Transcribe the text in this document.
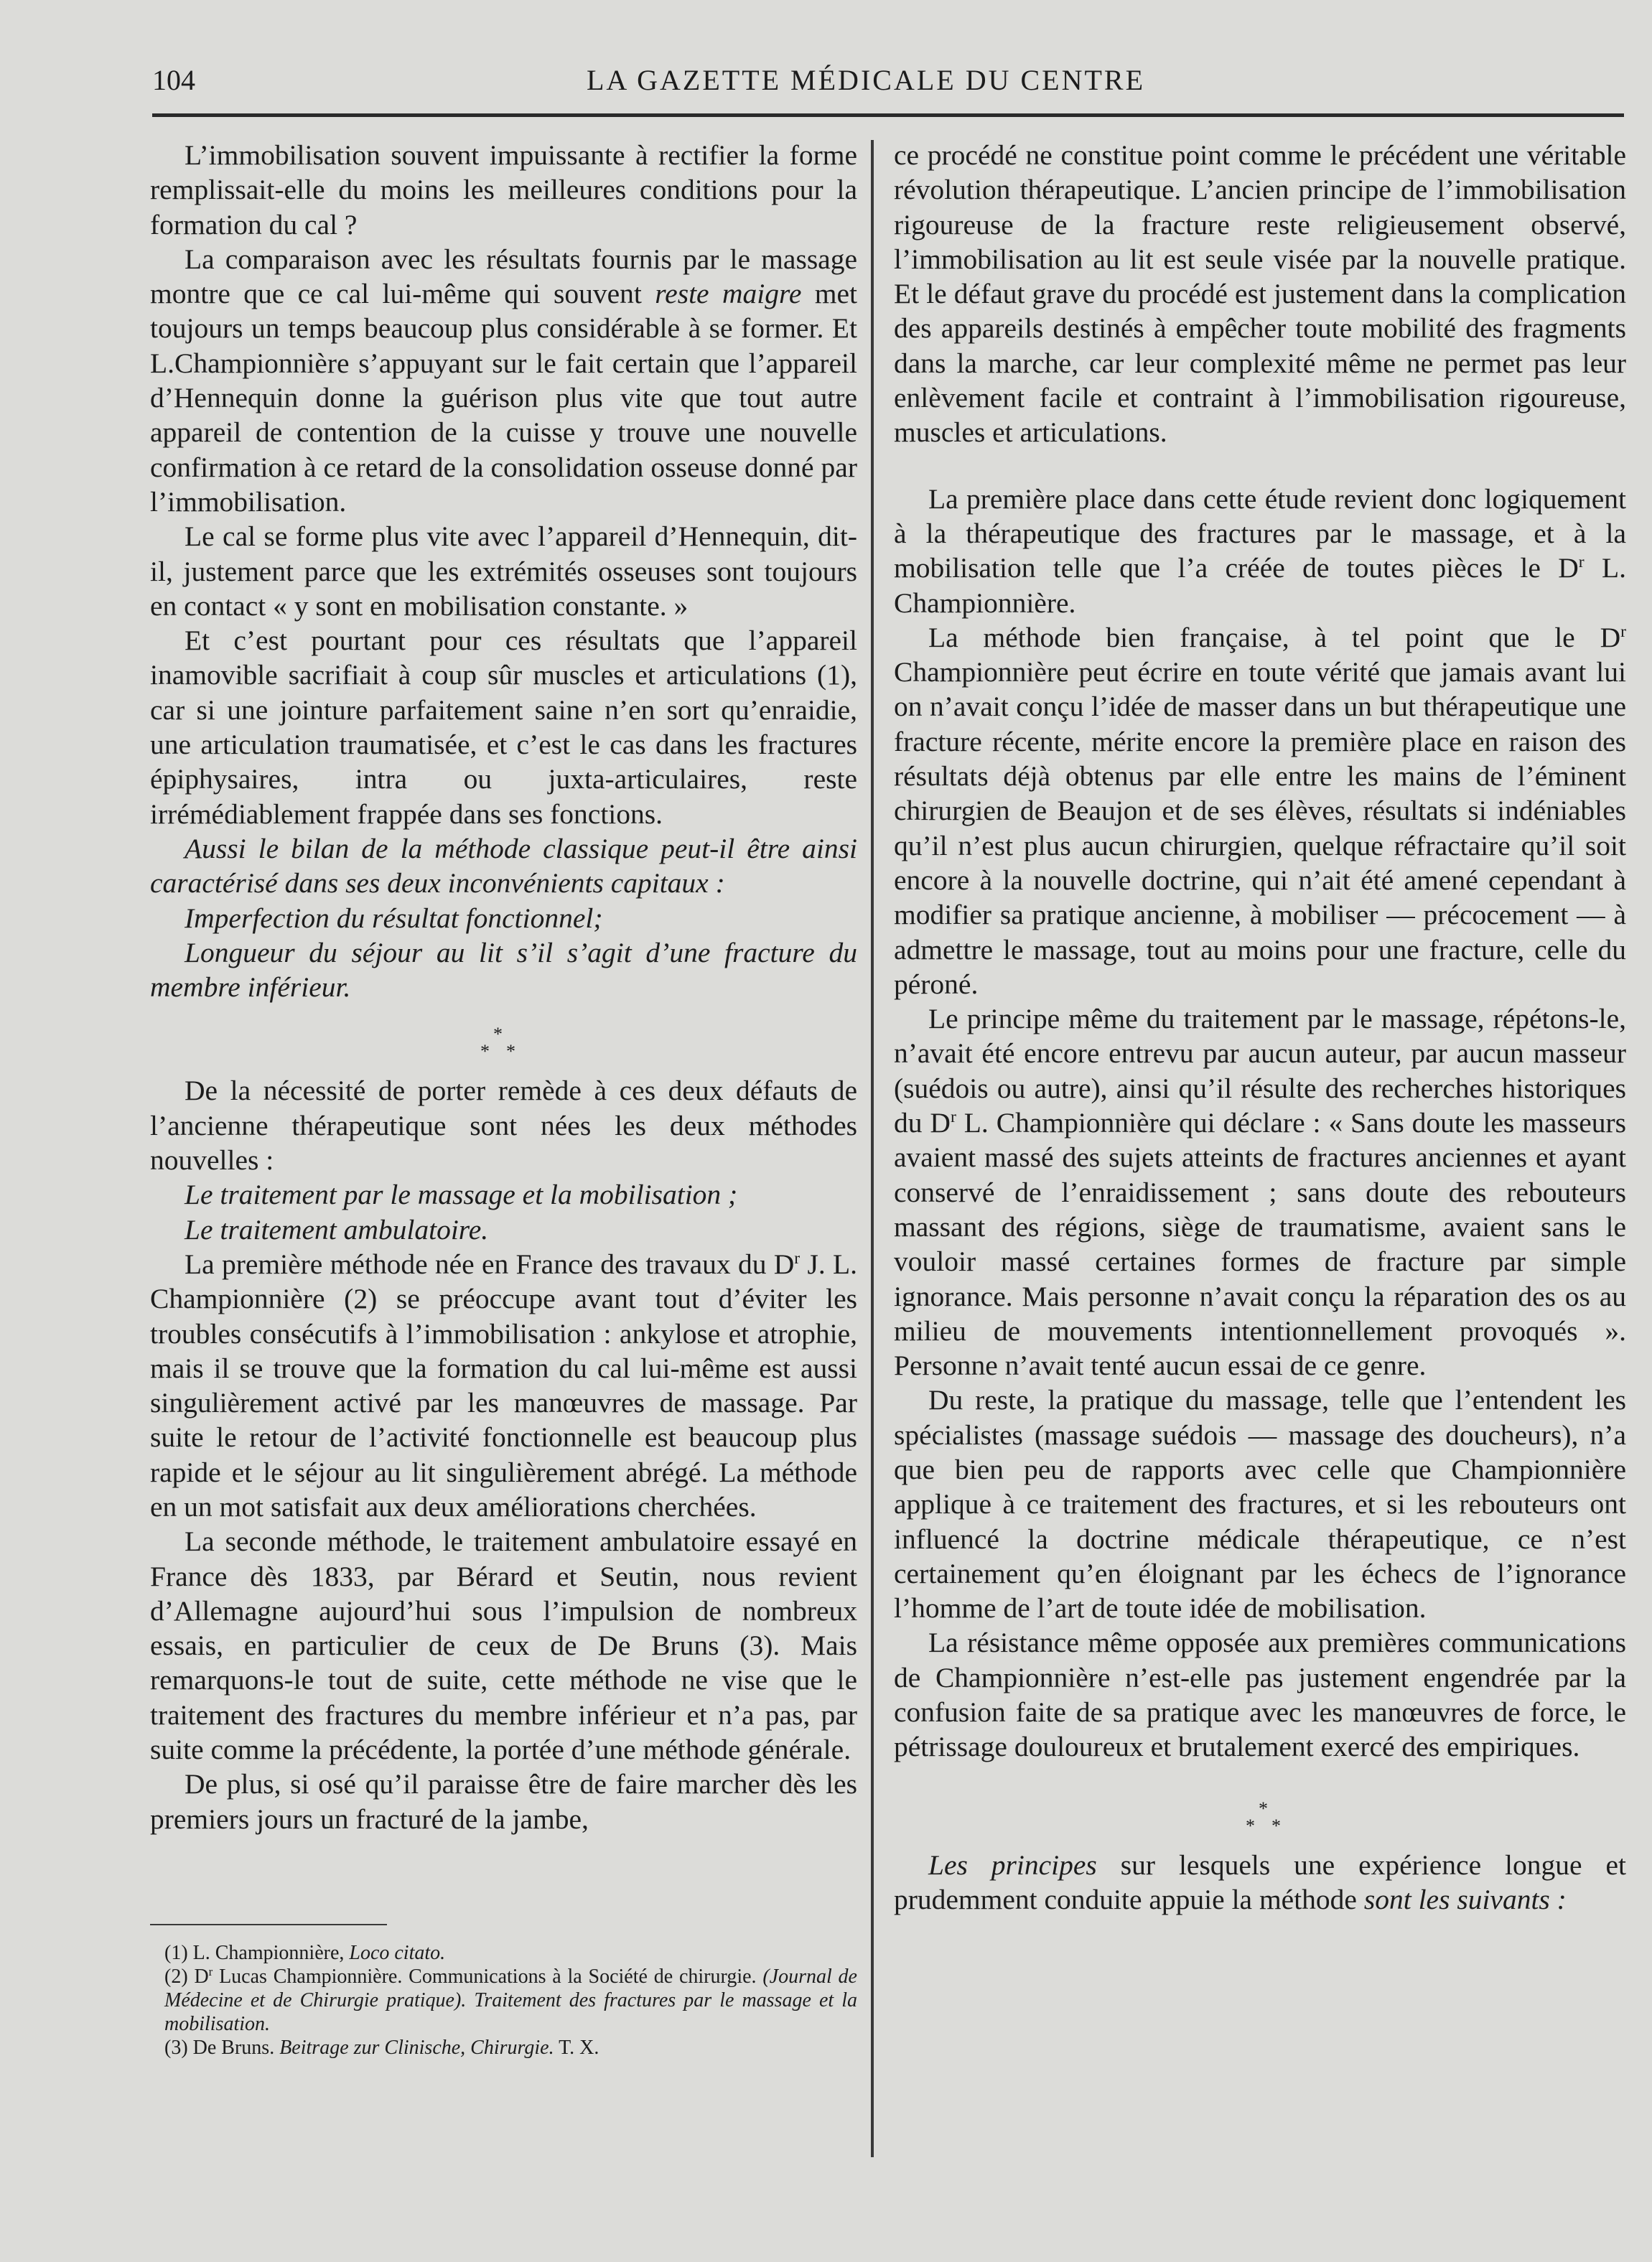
104	LA GAZETTE MÉDICALE DU CENTRE

L’immobilisation souvent impuissante à rectifier la forme remplissait-elle du moins les meilleures conditions pour la formation du cal ?

La comparaison avec les résultats fournis par le massage montre que ce cal lui-même qui souvent reste maigre met toujours un temps beaucoup plus considérable à se former. Et L.Championnière s’appuyant sur le fait certain que l’appareil d’Hennequin donne la guérison plus vite que tout autre appareil de contention de la cuisse y trouve une nouvelle confirmation à ce retard de la consolidation osseuse donné par l’immobilisation.

Le cal se forme plus vite avec l’appareil d’Hennequin, dit-il, justement parce que les extrémités osseuses sont toujours en contact « y sont en mobilisation constante. »

Et c’est pourtant pour ces résultats que l’appareil inamovible sacrifiait à coup sûr muscles et articulations (1), car si une jointure parfaitement saine n’en sort qu’enraidie, une articulation traumatisée, et c’est le cas dans les fractures épiphysaires, intra ou juxta-articulaires, reste irrémédiablement frappée dans ses fonctions.

Aussi le bilan de la méthode classique peut-il être ainsi caractérisé dans ses deux inconvénients capitaux :

Imperfection du résultat fonctionnel;

Longueur du séjour au lit s’il s’agit d’une fracture du membre inférieur.

*
* *

De la nécessité de porter remède à ces deux défauts de l’ancienne thérapeutique sont nées les deux méthodes nouvelles :

Le traitement par le massage et la mobilisation ;

Le traitement ambulatoire.

La première méthode née en France des travaux du $D^r$ J. L. Championnière (2) se préoccupe avant tout d’éviter les troubles consécutifs à l’immobilisation : ankylose et atrophie, mais il se trouve que la formation du cal lui-même est aussi singulièrement activé par les manœuvres de massage. Par suite le retour de l’activité fonctionnelle est beaucoup plus rapide et le séjour au lit singulièrement abrégé. La méthode en un mot satisfait aux deux améliorations cherchées.

La seconde méthode, le traitement ambulatoire essayé en France dès 1833, par Bérard et Seutin, nous revient d’Allemagne aujourd’hui sous l’impulsion de nombreux essais, en particulier de ceux de De Bruns (3). Mais remarquons-le tout de suite, cette méthode ne vise que le traitement des fractures du membre inférieur et n’a pas, par suite comme la précédente, la portée d’une méthode générale.

De plus, si osé qu’il paraisse être de faire marcher dès les premiers jours un fracturé de la jambe,

(1) L. Championnière, Loco citato.

(2) $D^r$ Lucas Championnière. Communications à la Société de chirurgie. (Journal de Médecine et de Chirurgie pratique). Traitement des fractures par le massage et la mobilisation.

(3) De Bruns. Beitrage zur Clinische, Chirurgie. T. X.

ce procédé ne constitue point comme le précédent une véritable révolution thérapeutique. L’ancien principe de l’immobilisation rigoureuse de la fracture reste religieusement observé, l’immobilisation au lit est seule visée par la nouvelle pratique. Et le défaut grave du procédé est justement dans la complication des appareils destinés à empêcher toute mobilité des fragments dans la marche, car leur complexité même ne permet pas leur enlèvement facile et contraint à l’immobilisation rigoureuse, muscles et articulations.

La première place dans cette étude revient donc logiquement à la thérapeutique des fractures par le massage, et à la mobilisation telle que l’a créée de toutes pièces le $D^r$ L. Championnière.

La méthode bien française, à tel point que le $D^r$ Championnière peut écrire en toute vérité que jamais avant lui on n’avait conçu l’idée de masser dans un but thérapeutique une fracture récente, mérite encore la première place en raison des résultats déjà obtenus par elle entre les mains de l’éminent chirurgien de Beaujon et de ses élèves, résultats si indéniables qu’il n’est plus aucun chirurgien, quelque réfractaire qu’il soit encore à la nouvelle doctrine, qui n’ait été amené cependant à modifier sa pratique ancienne, à mobiliser — précocement — à admettre le massage, tout au moins pour une fracture, celle du péroné.

Le principe même du traitement par le massage, répétons-le, n’avait été encore entrevu par aucun auteur, par aucun masseur (suédois ou autre), ainsi qu’il résulte des recherches historiques du $D^r$ L. Championnière qui déclare : « Sans doute les masseurs avaient massé des sujets atteints de fractures anciennes et ayant conservé de l’enraidissement ; sans doute des rebouteurs massant des régions, siège de traumatisme, avaient sans le vouloir massé certaines formes de fracture par simple ignorance. Mais personne n’avait conçu la réparation des os au milieu de mouvements intentionnellement provoqués ». Personne n’avait tenté aucun essai de ce genre.

Du reste, la pratique du massage, telle que l’entendent les spécialistes (massage suédois — massage des doucheurs), n’a que bien peu de rapports avec celle que Championnière applique à ce traitement des fractures, et si les rebouteurs ont influencé la doctrine médicale thérapeutique, ce n’est certainement qu’en éloignant par les échecs de l’ignorance l’homme de l’art de toute idée de mobilisation.

La résistance même opposée aux premières communications de Championnière n’est-elle pas justement engendrée par la confusion faite de sa pratique avec les manœuvres de force, le pétrissage douloureux et brutalement exercé des empiriques.

*
* *

Les principes sur lesquels une expérience longue et prudemment conduite appuie la méthode sont les suivants :
